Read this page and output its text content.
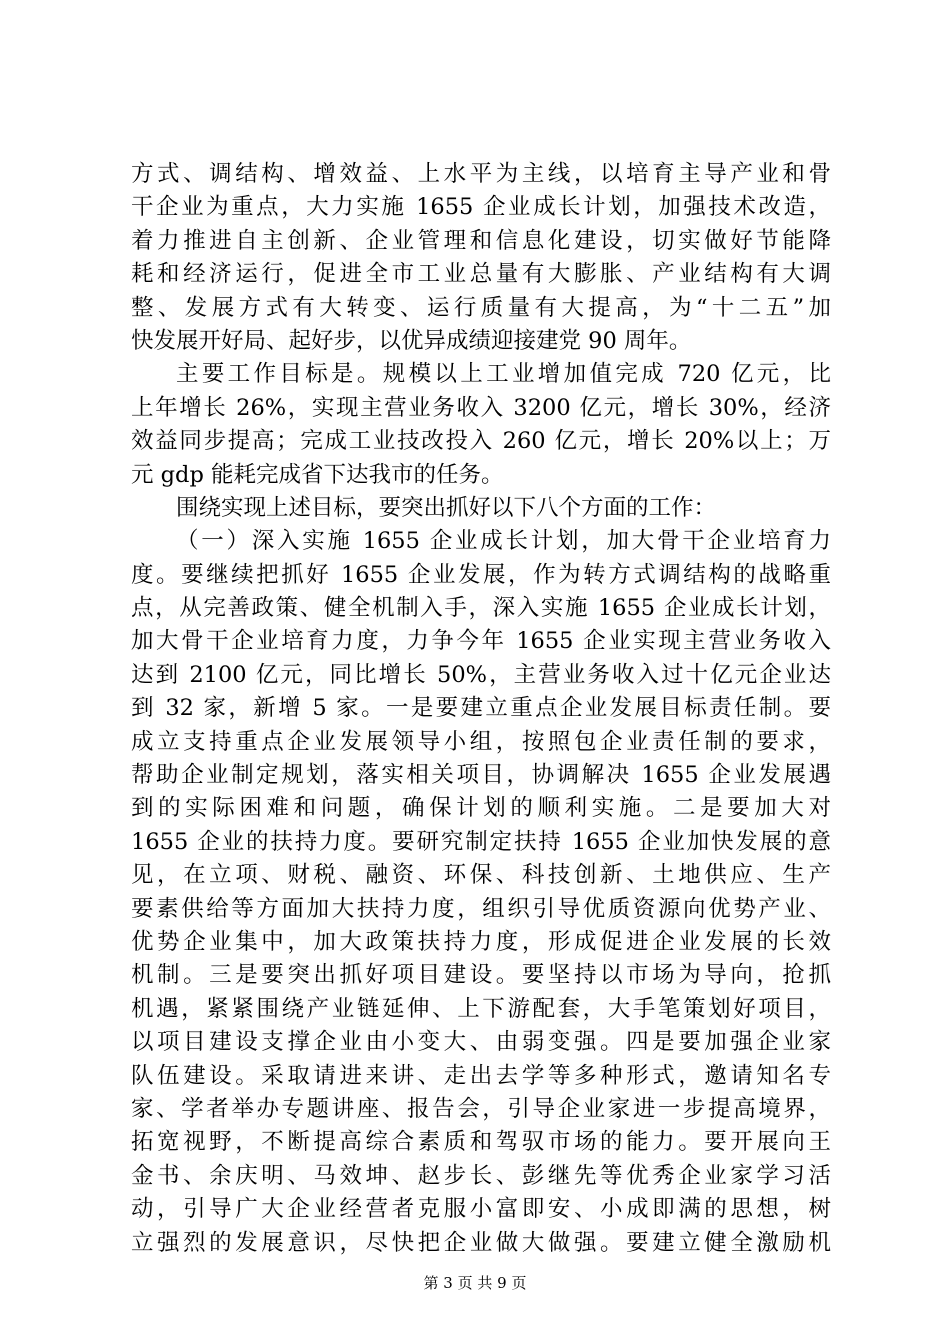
方式、调结构、增效益、上水平为主线，以培育主导产业和骨
干企业为重点，大力实施 1655 企业成长计划，加强技术改造，
着力推进自主创新、企业管理和信息化建设，切实做好节能降
耗和经济运行，促进全市工业总量有大膨胀、产业结构有大调
整、发展方式有大转变、运行质量有大提高，为“十二五”加
快发展开好局、起好步，以优异成绩迎接建党 90 周年。
主要工作目标是。规模以上工业增加值完成 720 亿元，比
上年增长 26%，实现主营业务收入 3200 亿元，增长 30%，经济
效益同步提高；完成工业技改投入 260 亿元，增长 20%以上；万
元 gdp 能耗完成省下达我市的任务。
围绕实现上述目标，要突出抓好以下八个方面的工作：
（一）深入实施 1655 企业成长计划，加大骨干企业培育力
度。要继续把抓好 1655 企业发展，作为转方式调结构的战略重
点，从完善政策、健全机制入手，深入实施 1655 企业成长计划，
加大骨干企业培育力度，力争今年 1655 企业实现主营业务收入
达到 2100 亿元，同比增长 50%，主营业务收入过十亿元企业达
到 32 家，新增 5 家。一是要建立重点企业发展目标责任制。要
成立支持重点企业发展领导小组，按照包企业责任制的要求，
帮助企业制定规划，落实相关项目，协调解决 1655 企业发展遇
到的实际困难和问题，确保计划的顺利实施。二是要加大对
1655 企业的扶持力度。要研究制定扶持 1655 企业加快发展的意
见，在立项、财税、融资、环保、科技创新、土地供应、生产
要素供给等方面加大扶持力度，组织引导优质资源向优势产业、
优势企业集中，加大政策扶持力度，形成促进企业发展的长效
机制。三是要突出抓好项目建设。要坚持以市场为导向，抢抓
机遇，紧紧围绕产业链延伸、上下游配套，大手笔策划好项目，
以项目建设支撑企业由小变大、由弱变强。四是要加强企业家
队伍建设。采取请进来讲、走出去学等多种形式，邀请知名专
家、学者举办专题讲座、报告会，引导企业家进一步提高境界，
拓宽视野，不断提高综合素质和驾驭市场的能力。要开展向王
金书、余庆明、马效坤、赵步长、彭继先等优秀企业家学习活
动，引导广大企业经营者克服小富即安、小成即满的思想，树
立强烈的发展意识，尽快把企业做大做强。要建立健全激励机
第 3 页 共 9 页
